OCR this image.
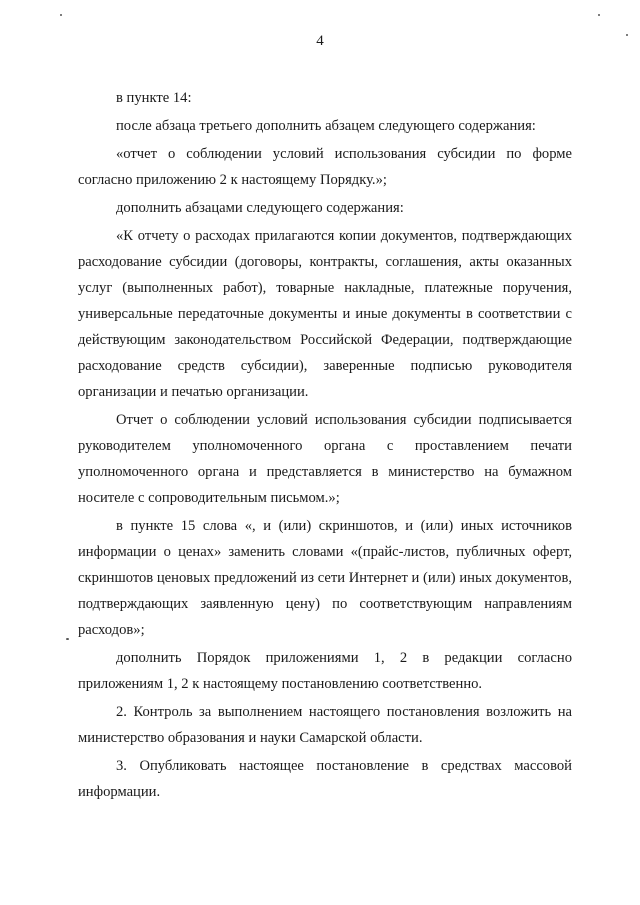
4

в пункте 14:

после абзаца третьего дополнить абзацем следующего содержания:

«отчет о соблюдении условий использования субсидии по форме согласно приложению 2 к настоящему Порядку.»;

дополнить абзацами следующего содержания:

«К отчету о расходах прилагаются копии документов, подтверждающих расходование субсидии (договоры, контракты, соглашения, акты оказанных услуг (выполненных работ), товарные накладные, платежные поручения, универсальные передаточные документы и иные документы в соответствии с действующим законодательством Российской Федерации, подтверждающие расходование средств субсидии), заверенные подписью руководителя организации и печатью организации.

Отчет о соблюдении условий использования субсидии подписывается руководителем уполномоченного органа с проставлением печати уполномоченного органа и представляется в министерство на бумажном носителе с сопроводительным письмом.»;

в пункте 15 слова «, и (или) скриншотов, и (или) иных источников информации о ценах» заменить словами «(прайс-листов, публичных оферт, скриншотов ценовых предложений из сети Интернет и (или) иных документов, подтверждающих заявленную цену) по соответствующим направлениям расходов»;

дополнить Порядок приложениями 1, 2 в редакции согласно приложениям 1, 2 к настоящему постановлению соответственно.

2. Контроль за выполнением настоящего постановления возложить на министерство образования и науки Самарской области.

3. Опубликовать настоящее постановление в средствах массовой информации.
